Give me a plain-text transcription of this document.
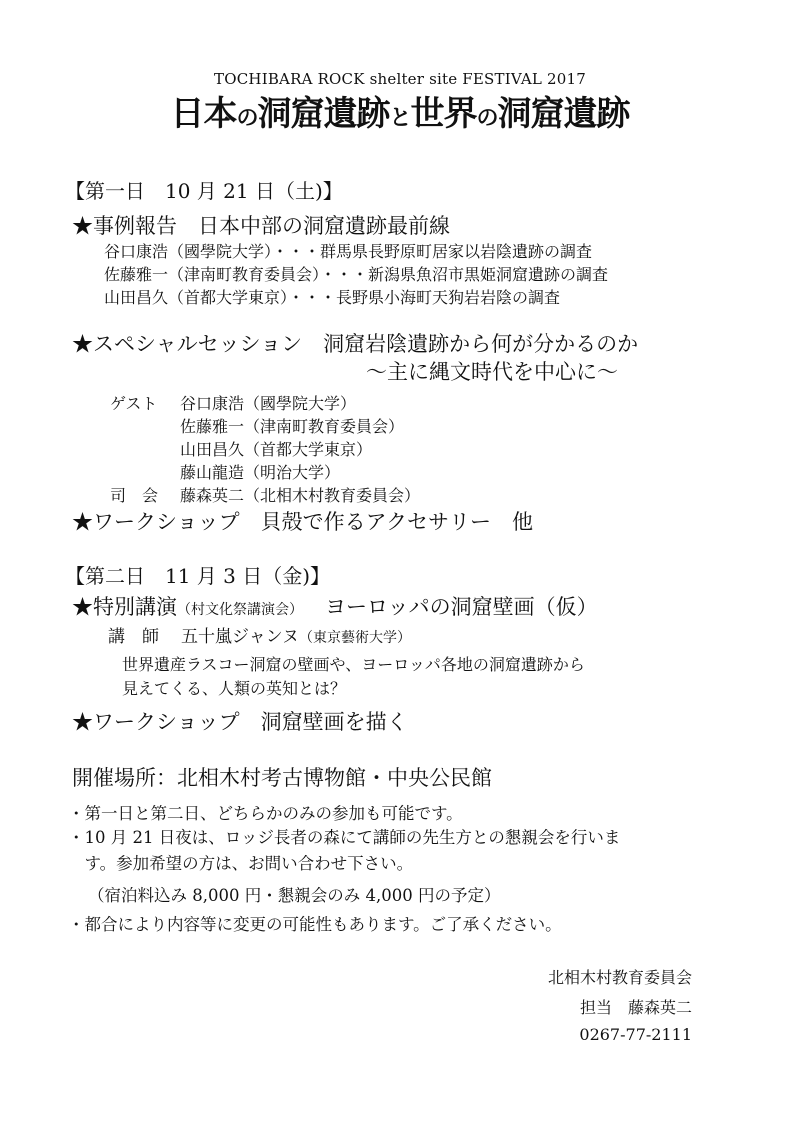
TOCHIBARA ROCK shelter site FESTIVAL 2017
日本の洞窟遺跡と世界の洞窟遺跡
【第一日　10 月 21 日（土)】
★事例報告　日本中部の洞窟遺跡最前線
谷口康浩（國學院大学）・・・群馬県長野原町居家以岩陰遺跡の調査
佐藤雅一（津南町教育委員会）・・・新潟県魚沼市黒姫洞窟遺跡の調査
山田昌久（首都大学東京）・・・長野県小海町天狗岩岩陰の調査
★スペシャルセッション　洞窟岩陰遺跡から何が分かるのか
～主に縄文時代を中心に～
ゲスト 谷口康浩（國學院大学）
佐藤雅一（津南町教育委員会）
山田昌久（首都大学東京）
藤山龍造（明治大学）
司　会 藤森英二（北相木村教育委員会）
★ワークショップ　貝殻で作るアクセサリー　他
【第二日　11 月 3 日（金)】
★特別講演（村文化祭講演会） ヨーロッパの洞窟壁画（仮）
講　師 五十嵐ジャンヌ（東京藝術大学）
世界遺産ラスコー洞窟の壁画や、ヨーロッパ各地の洞窟遺跡から
見えてくる、人類の英知とは？
★ワークショップ　洞窟壁画を描く
開催場所：北相木村考古博物館・中央公民館
・第一日と第二日、どちらかのみの参加も可能です。
・10 月 21 日夜は、ロッジ長者の森にて講師の先生方との懇親会を行いま
　す。参加希望の方は、お問い合わせ下さい。
（宿泊料込み 8,000 円・懇親会のみ 4,000 円の予定）
・都合により内容等に変更の可能性もあります。ご了承ください。
北相木村教育委員会
担当　藤森英二
0267-77-2111
